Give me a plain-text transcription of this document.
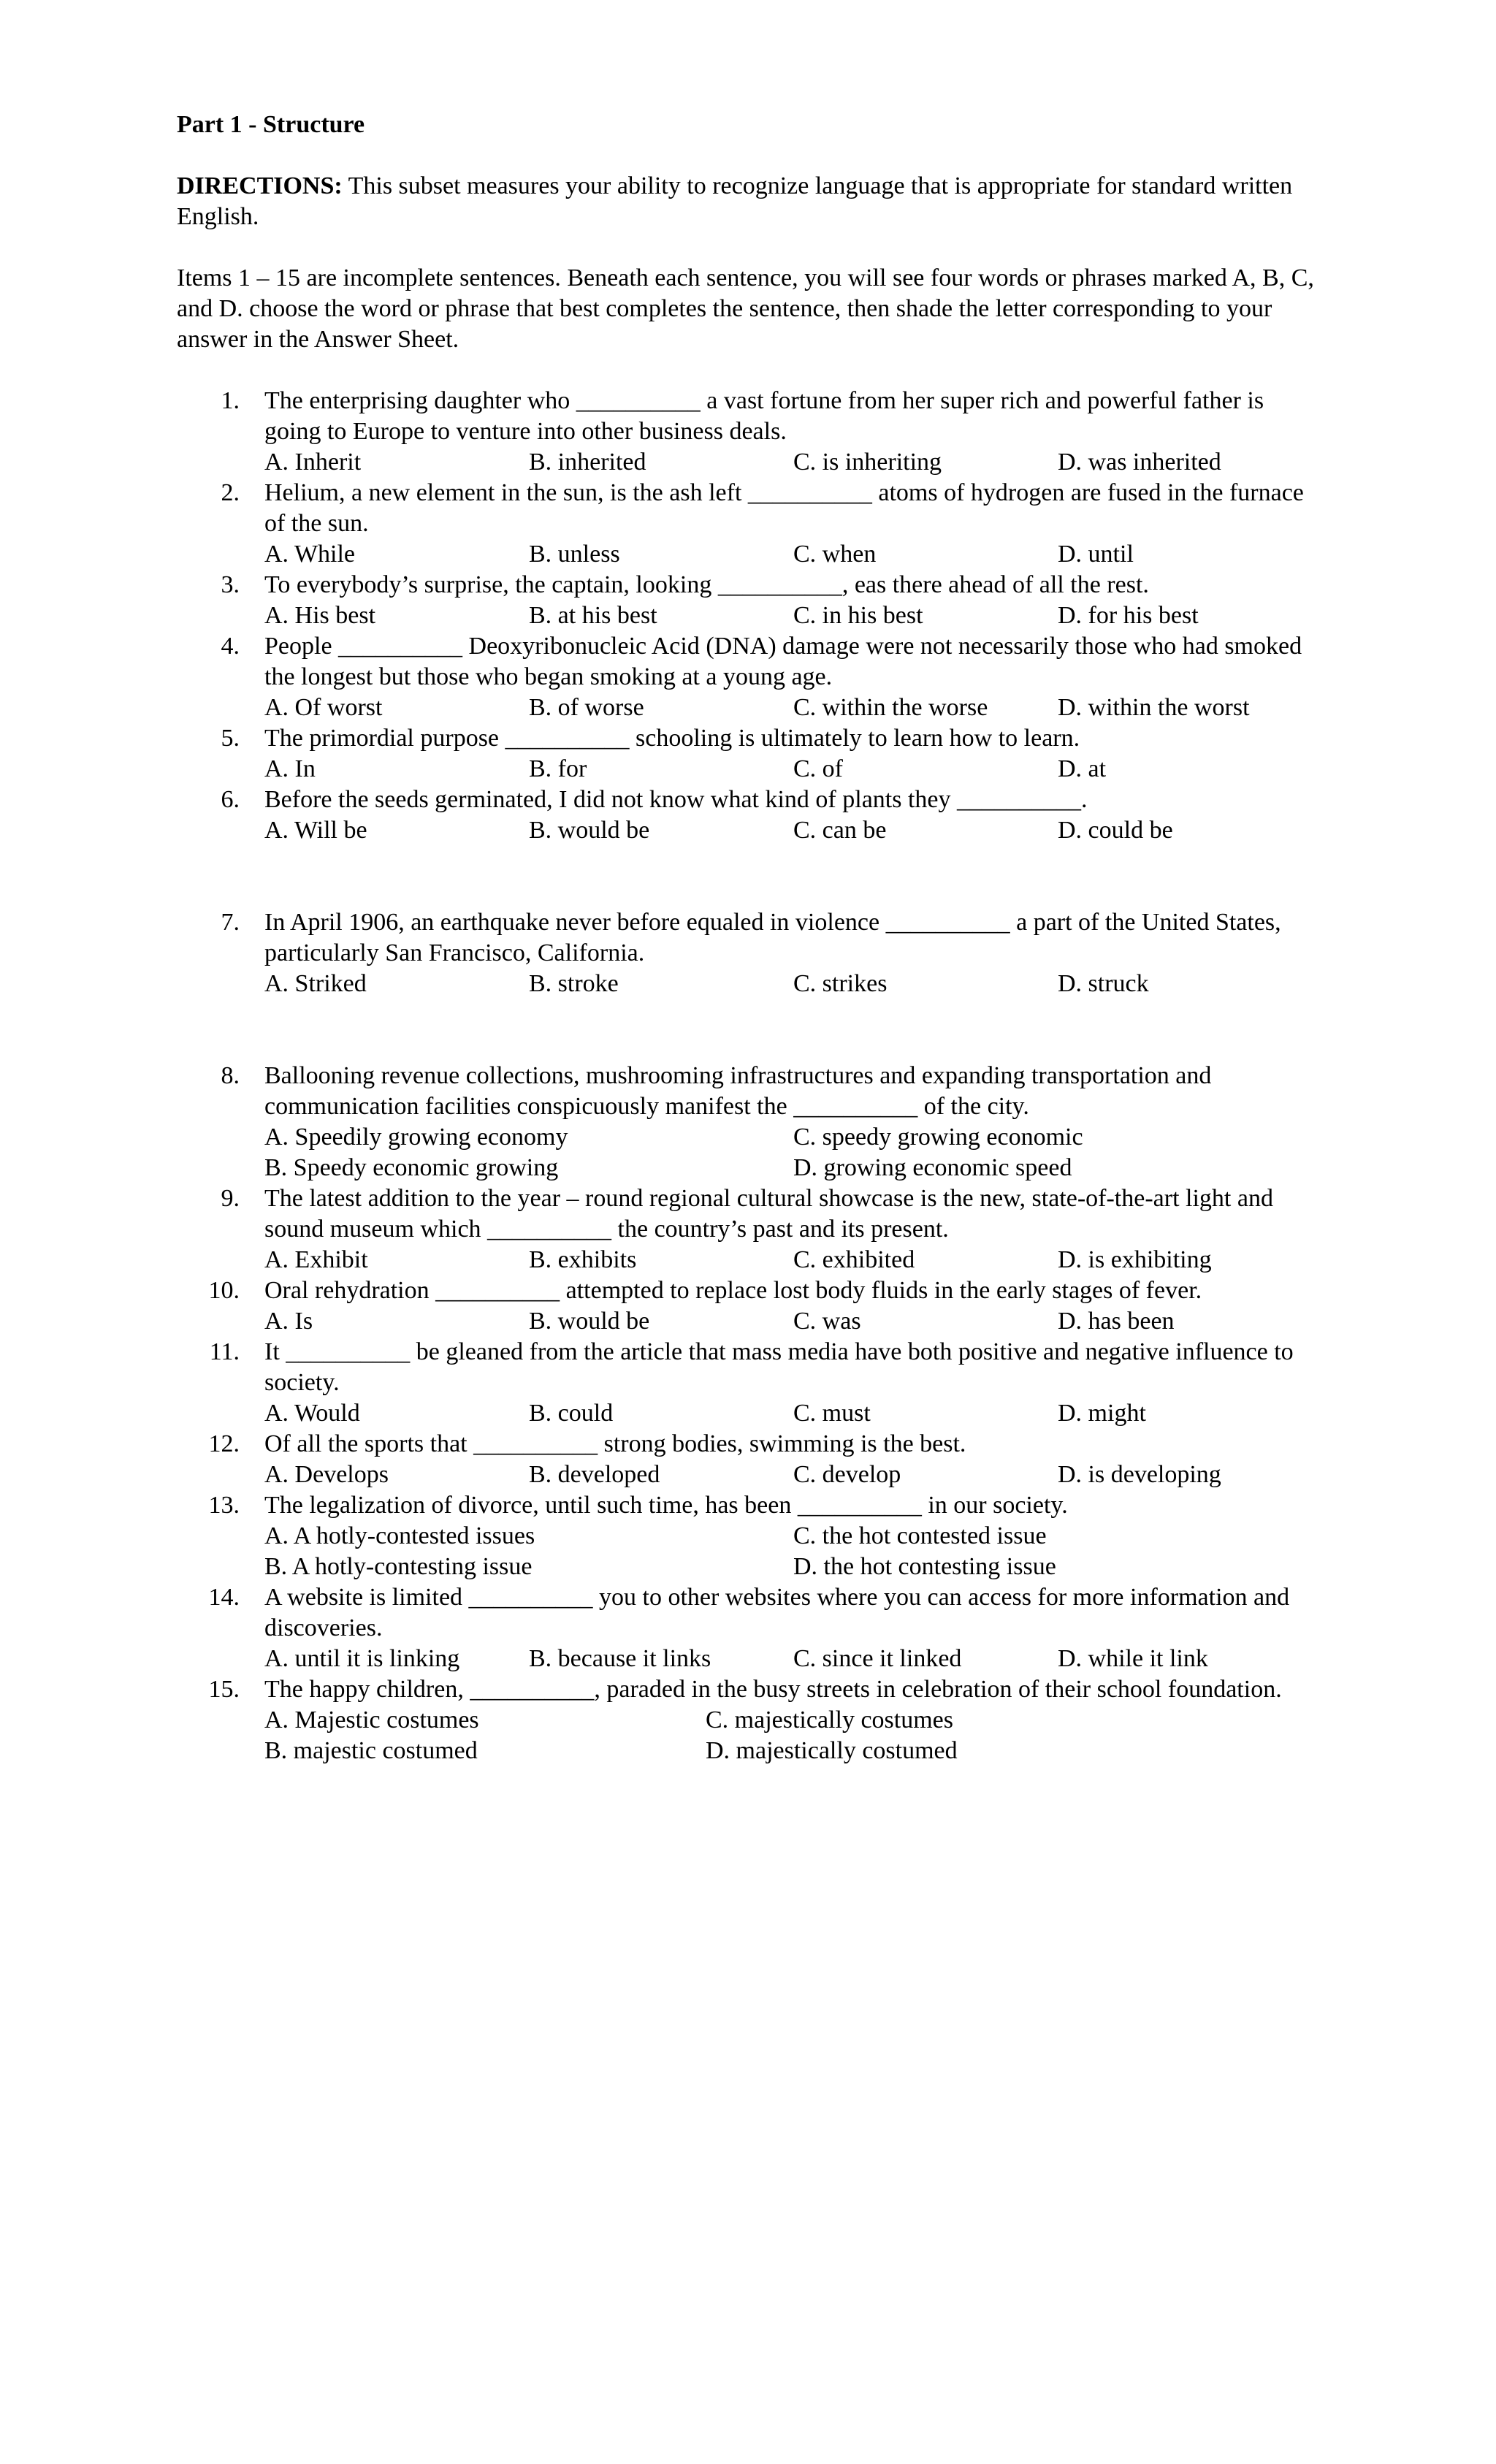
Part 1 - Structure

DIRECTIONS: This subset measures your ability to recognize language that is appropriate for standard written English.

Items 1 – 15 are incomplete sentences. Beneath each sentence, you will see four words or phrases marked A, B, C, and D. choose the word or phrase that best completes the sentence, then shade the letter corresponding to your answer in the Answer Sheet.

1. The enterprising daughter who __________ a vast fortune from her super rich and powerful father is going to Europe to venture into other business deals.
A. Inherit	B. inherited	C. is inheriting	D. was inherited
2. Helium, a new element in the sun, is the ash left __________ atoms of hydrogen are fused in the furnace of the sun.
A. While	B. unless	C. when	D. until
3. To everybody’s surprise, the captain, looking __________, eas there ahead of all the rest.
A. His best	B. at his best	C. in his best	D. for his best
4. People __________ Deoxyribonucleic Acid (DNA) damage were not necessarily those who had smoked the longest but those who began smoking at a young age.
A. Of worst	B. of worse	C. within the worse	D. within the worst
5. The primordial purpose __________ schooling is ultimately to learn how to learn.
A. In	B. for	C. of	D. at
6. Before the seeds germinated, I did not know what kind of plants they __________.
A. Will be	B. would be	C. can be	D. could be
7. In April 1906, an earthquake never before equaled in violence __________ a part of the United States, particularly San Francisco, California.
A. Striked	B. stroke	C. strikes	D. struck
8. Ballooning revenue collections, mushrooming infrastructures and expanding transportation and communication facilities conspicuously manifest the __________ of the city.
A. Speedily growing economy	C. speedy growing economic
B. Speedy economic growing	D. growing economic speed
9. The latest addition to the year – round regional cultural showcase is the new, state-of-the-art light and sound museum which __________ the country’s past and its present.
A. Exhibit	B. exhibits	C. exhibited	D. is exhibiting
10. Oral rehydration __________ attempted to replace lost body fluids in the early stages of fever.
A. Is	B. would be	C. was	D. has been
11. It __________ be gleaned from the article that mass media have both positive and negative influence to society.
A. Would	B. could	C. must	D. might
12. Of all the sports that __________ strong bodies, swimming is the best.
A. Develops	B. developed	C. develop	D. is developing
13. The legalization of divorce, until such time, has been __________ in our society.
A. A hotly-contested issues	C. the hot contested issue
B. A hotly-contesting issue	D. the hot contesting issue
14. A website is limited __________ you to other websites where you can access for more information and discoveries.
A. until it is linking	B. because it links	C. since it linked	D. while it link
15. The happy children, __________, paraded in the busy streets in celebration of their school foundation.
A. Majestic costumes	C. majestically costumes
B. majestic costumed	D. majestically costumed
